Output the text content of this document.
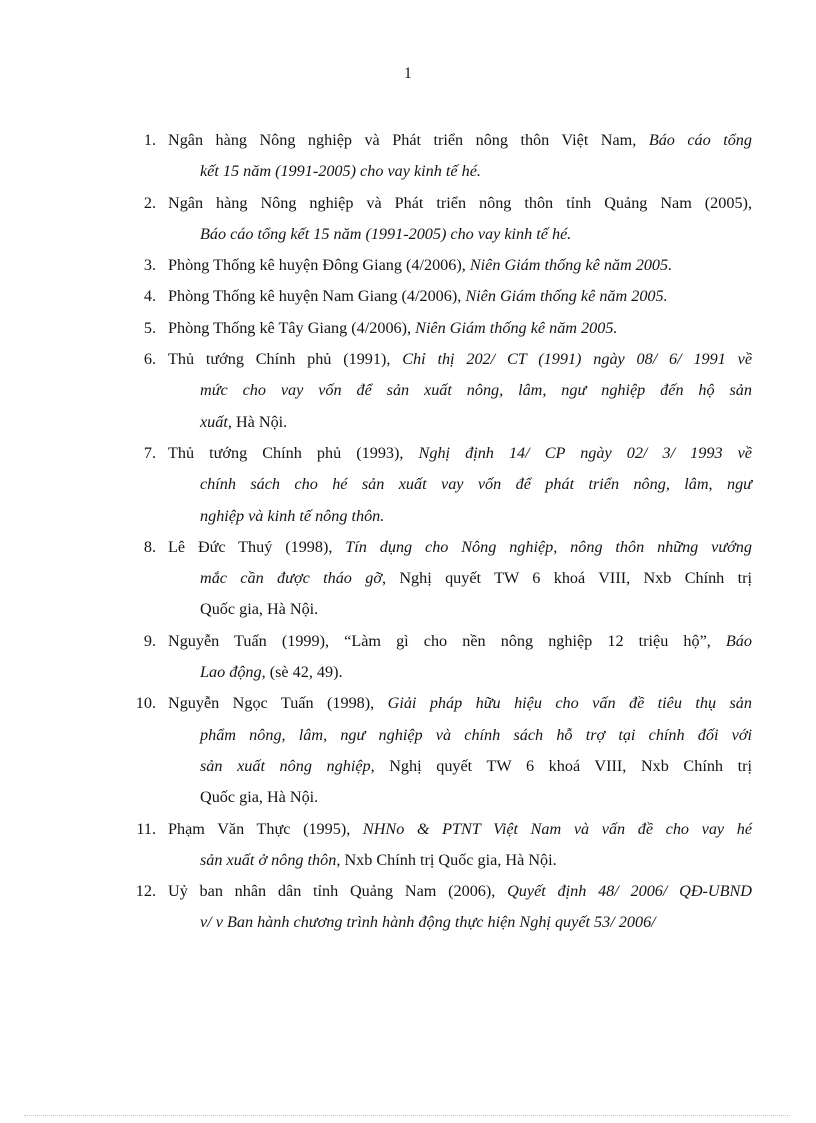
1
1. Ngân hàng Nông nghiệp và Phát triển nông thôn Việt Nam, Báo cáo tổng
kết 15 năm (1991-2005) cho vay kinh tế hé.
2. Ngân hàng Nông nghiệp và Phát triển nông thôn tỉnh Quảng Nam (2005),
Báo cáo tổng kết 15 năm (1991-2005) cho vay kinh tế hé.
3. Phòng Thống kê huyện Đông Giang (4/2006), Niên Giám thống kê năm 2005.
4. Phòng Thống kê huyện Nam Giang (4/2006), Niên Giám thống kê năm 2005.
5. Phòng Thống kê Tây Giang (4/2006), Niên Giám thống kê năm 2005.
6. Thủ tướng Chính phủ (1991), Chỉ thị 202/ CT (1991) ngày 08/ 6/ 1991 về
mức cho vay vốn để sản xuất nông, lâm, ngư nghiệp đến hộ sản
xuất, Hà Nội.
7. Thủ tướng Chính phủ (1993), Nghị định 14/ CP ngày 02/ 3/ 1993 về
chính sách cho hé sản xuất vay vốn để phát triển nông, lâm, ngư
nghiệp và kinh tế nông thôn.
8. Lê Đức Thuý (1998), Tín dụng cho Nông nghiệp, nông thôn những vướng
mắc cần được tháo gỡ, Nghị quyết TW 6 khoá VIII, Nxb Chính trị
Quốc gia, Hà Nội.
9. Nguyễn Tuấn (1999), “Làm gì cho nền nông nghiệp 12 triệu hộ”, Báo
Lao động, (sè 42, 49).
10. Nguyễn Ngọc Tuấn (1998), Giải pháp hữu hiệu cho vấn đề tiêu thụ sản
phẩm nông, lâm, ngư nghiệp và chính sách hỗ trợ tại chính đối với
sản xuất nông nghiệp, Nghị quyết TW 6 khoá VIII, Nxb Chính trị
Quốc gia, Hà Nội.
11. Phạm Văn Thực (1995), NHNo & PTNT Việt Nam và vấn đề cho vay hé
sản xuất ở nông thôn, Nxb Chính trị Quốc gia, Hà Nội.
12. Uỷ ban nhân dân tỉnh Quảng Nam (2006), Quyết định 48/ 2006/ QĐ-UBND
v/ v Ban hành chương trình hành động thực hiện Nghị quyết 53/ 2006/
